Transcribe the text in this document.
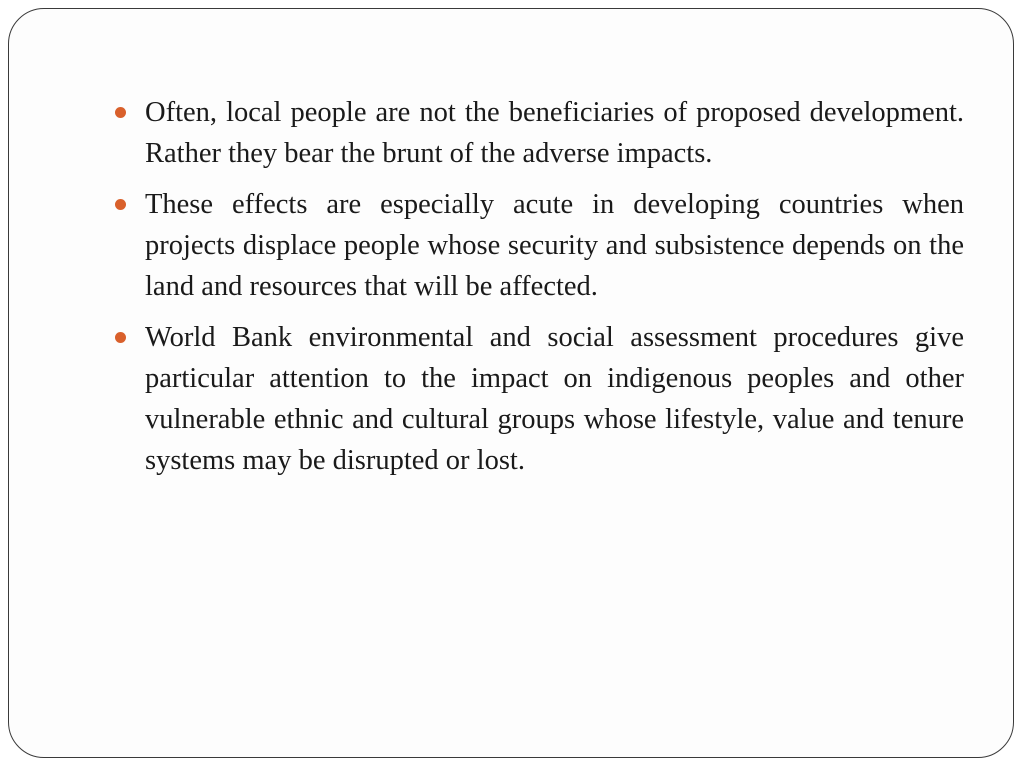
Often, local people are not the beneficiaries of proposed development. Rather they bear the brunt of the adverse impacts.
These effects are especially acute in developing countries when projects displace people whose security and subsistence depends on the land and resources that will be affected.
World Bank environmental and social assessment procedures give particular attention to the impact on indigenous peoples and other vulnerable ethnic and cultural groups whose lifestyle, value and tenure systems may be disrupted or lost.
